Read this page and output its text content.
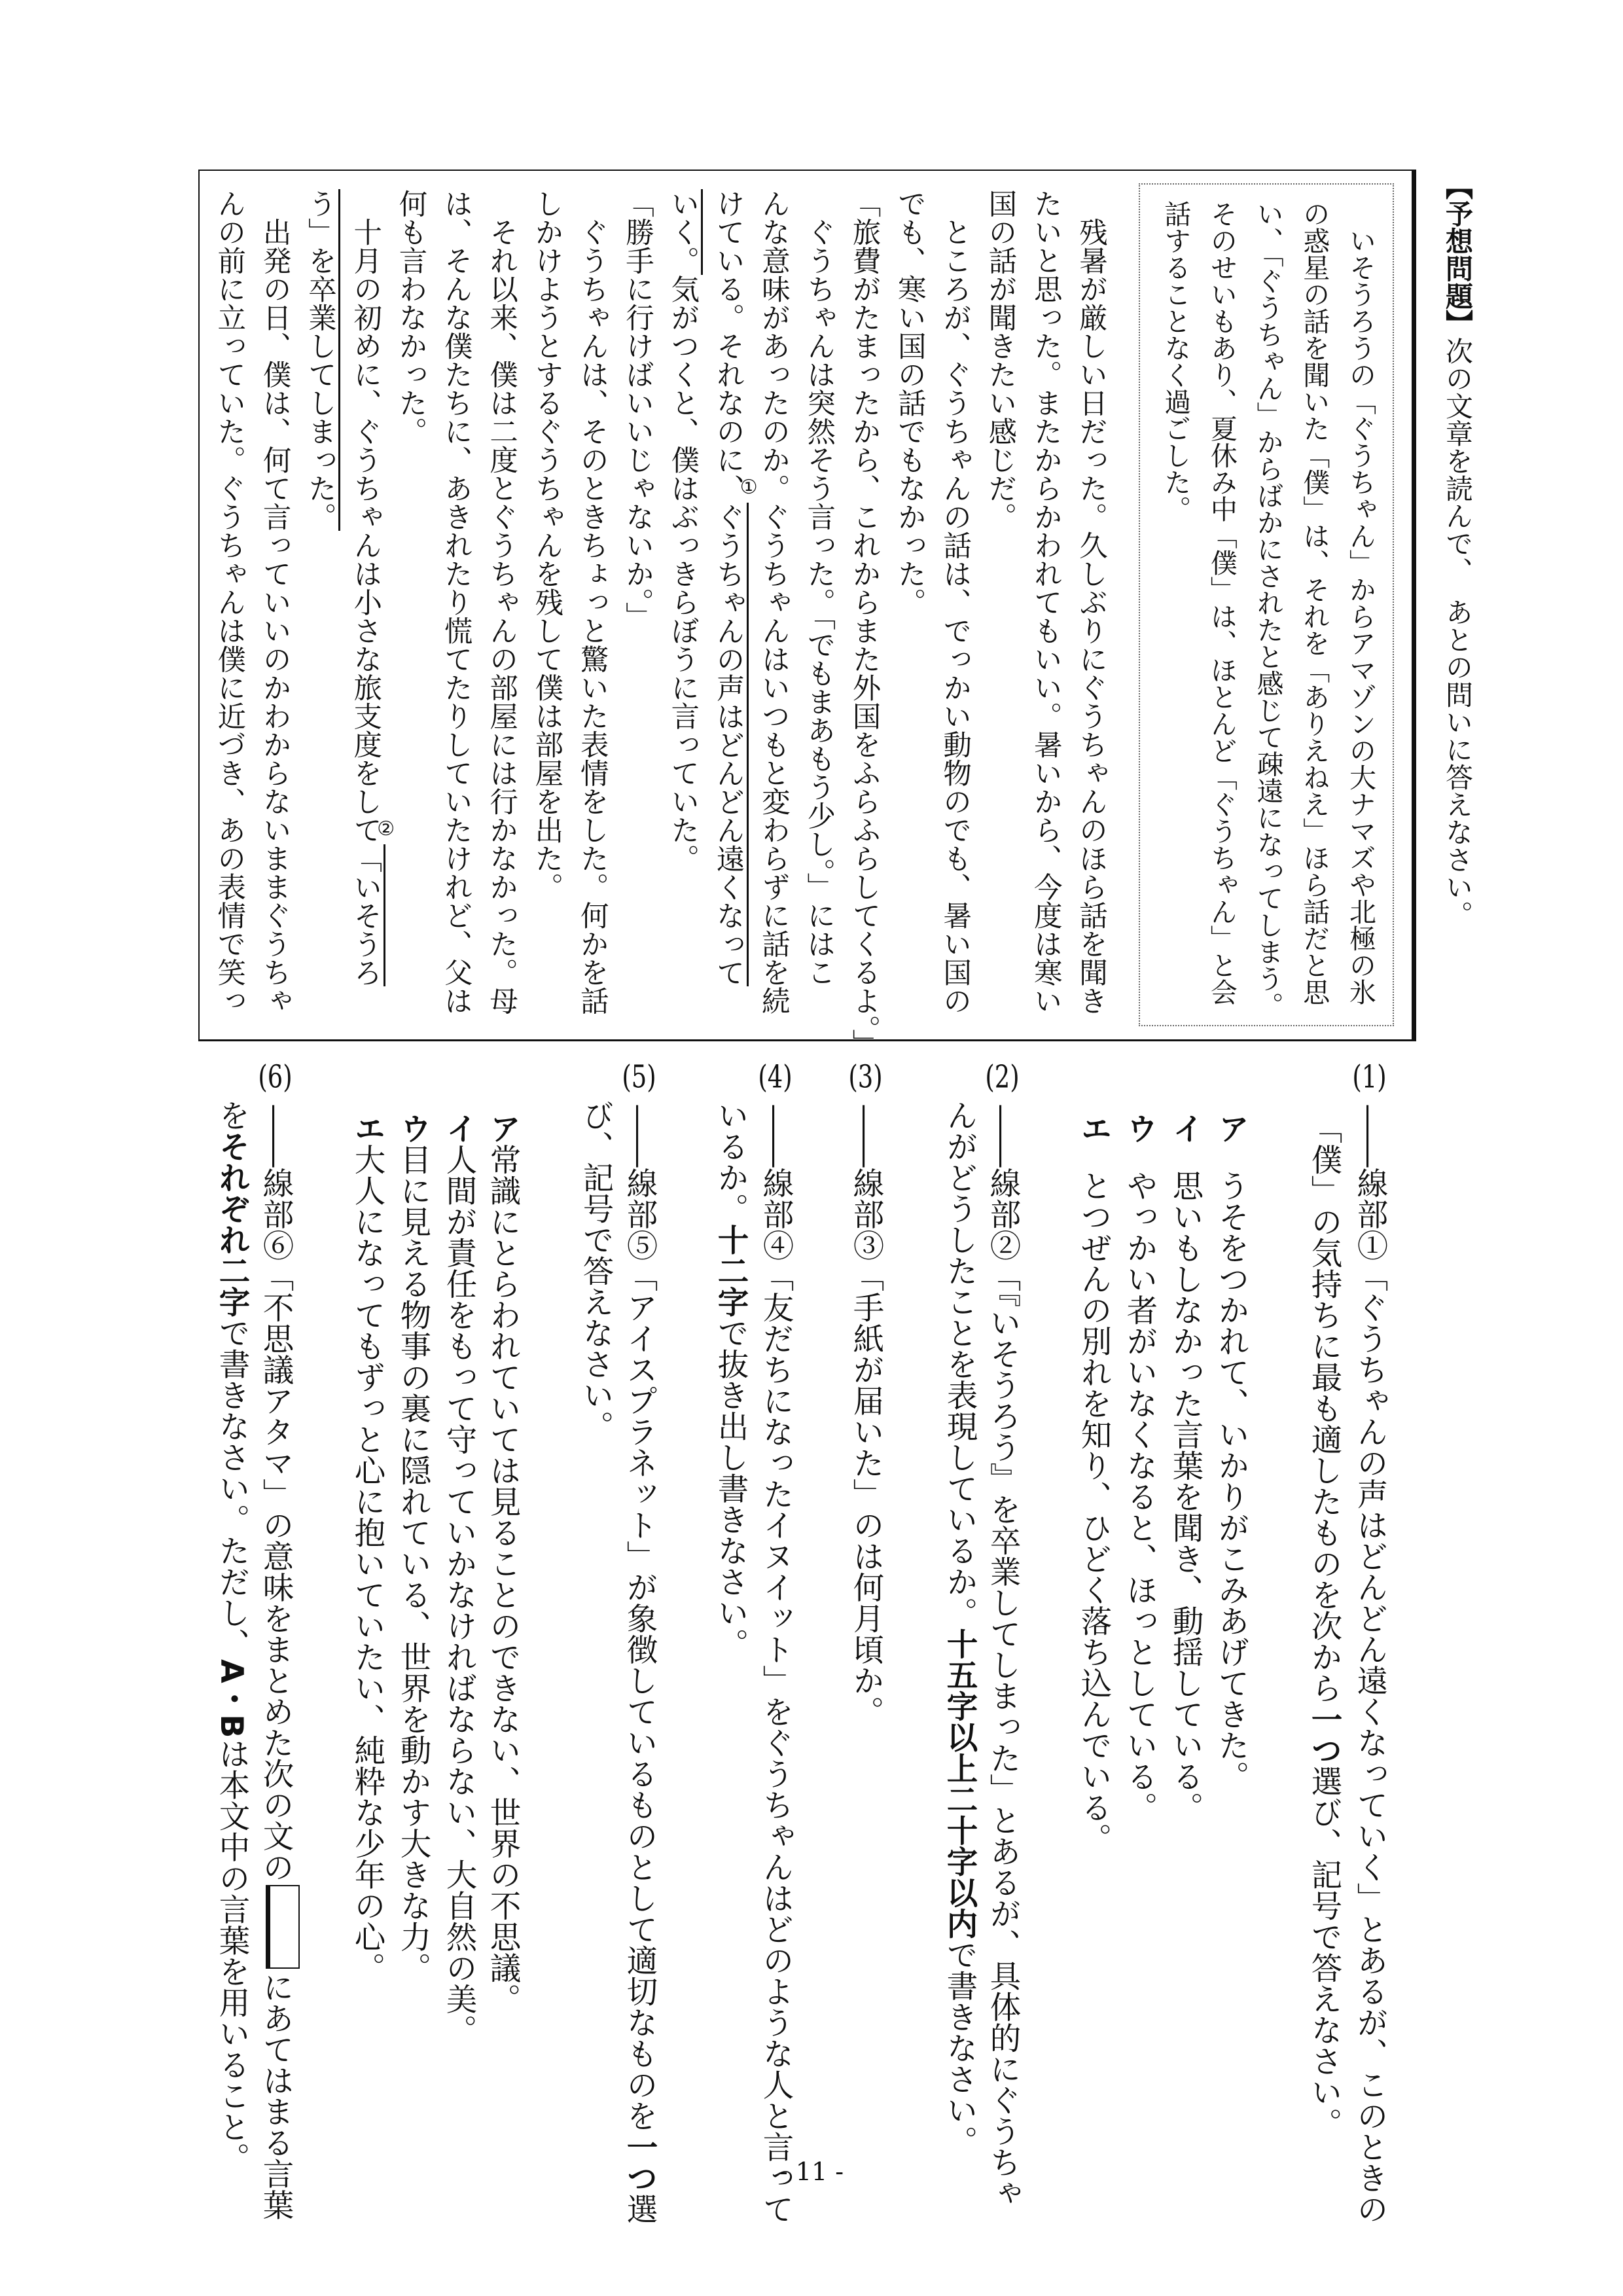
【予想問題】次の文章を読んで、　あとの問いに答えなさい。
　いそうろうの「ぐうちゃん」からアマゾンの大ナマズや北極の氷
の惑星の話を聞いた「僕」は、それを「ありえねえ」ほら話だと思
い、「ぐうちゃん」からばかにされたと感じて疎遠になってしまう。
そのせいもあり、夏休み中「僕」は、ほとんど「ぐうちゃん」と会
話することなく過ごした。
　残暑が厳しい日だった。久しぶりにぐうちゃんのほら話を聞き
たいと思った。またからかわれてもいい。暑いから、今度は寒い
国の話が聞きたい感じだ。
　ところが、ぐうちゃんの話は、でっかい動物のでも、暑い国の
でも、寒い国の話でもなかった。
「旅費がたまったから、これからまた外国をふらふらしてくるよ。」
　ぐうちゃんは突然そう言った。「でもまあもう少し。」にはこ
んな意味があったのか。ぐうちゃんはいつもと変わらずに話を続
けている。それなのに、ぐうちゃんの声はどんどん遠くなって
①
いく。気がつくと、僕はぶっきらぼうに言っていた。
「勝手に行けばいいじゃないか。」
　ぐうちゃんは、そのときちょっと驚いた表情をした。何かを話
しかけようとするぐうちゃんを残して僕は部屋を出た。
　それ以来、僕は二度とぐうちゃんの部屋には行かなかった。母
は、そんな僕たちに、あきれたり慌てたりしていたけれど、父は
何も言わなかった。
　十月の初めに、ぐうちゃんは小さな旅支度をして「いそうろ
②
う」を卒業してしまった。
　出発の日、僕は、何て言っていいのかわからないままぐうちゃ
んの前に立っていた。ぐうちゃんは僕に近づき、あの表情で笑っ
(1)――線部①「ぐうちゃんの声はどんどん遠くなっていく」とあるが、このときの
「僕」の気持ちに最も適したものを次から一つ選び、記号で答えなさい。
アうそをつかれて、いかりがこみあげてきた。
イ思いもしなかった言葉を聞き、動揺している。
ウやっかい者がいなくなると、ほっとしている。
エとつぜんの別れを知り、ひどく落ち込んでいる。
(2)――線部②「『いそうろう』を卒業してしまった」とあるが、具体的にぐうちゃ
んがどうしたことを表現しているか。十五字以上二十字以内で書きなさい。
(3)――線部③「手紙が届いた」のは何月頃か。
(4)――線部④「友だちになったイヌイット」をぐうちゃんはどのような人と言って
いるか。十二字で抜き出し書きなさい。
(5)――線部⑤「アイスプラネット」が象徴しているものとして適切なものを一つ選
び、記号で答えなさい。
ア常識にとらわれていては見ることのできない、世界の不思議。
イ人間が責任をもって守っていかなければならない、大自然の美。
ウ目に見える物事の裏に隠れている、世界を動かす大きな力。
エ大人になってもずっと心に抱いていたい、純粋な少年の心。
(6)――線部⑥「不思議アタマ」の意味をまとめた次の文のにあてはまる言葉
をそれぞれ二字で書きなさい。ただし、A・Bは本文中の言葉を用いること。	- 11 -
